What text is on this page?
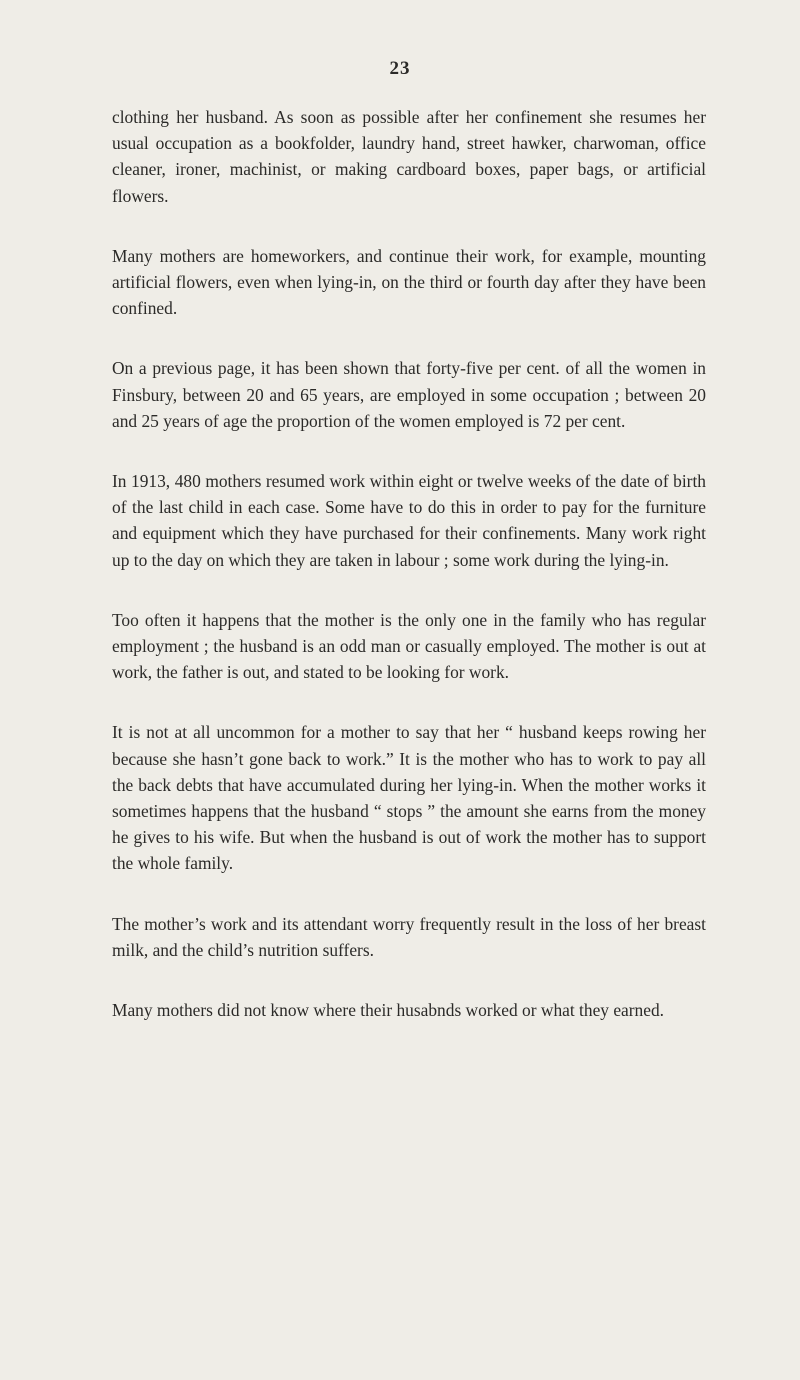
23

clothing her husband. As soon as possible after her confinement she resumes her usual occupation as a bookfolder, laundry hand, street hawker, charwoman, office cleaner, ironer, machinist, or making cardboard boxes, paper bags, or artificial flowers.

Many mothers are homeworkers, and continue their work, for example, mounting artificial flowers, even when lying-in, on the third or fourth day after they have been confined.

On a previous page, it has been shown that forty-five per cent. of all the women in Finsbury, between 20 and 65 years, are employed in some occupation ; between 20 and 25 years of age the proportion of the women employed is 72 per cent.

In 1913, 480 mothers resumed work within eight or twelve weeks of the date of birth of the last child in each case. Some have to do this in order to pay for the furniture and equipment which they have purchased for their confinements. Many work right up to the day on which they are taken in labour ; some work during the lying-in.

Too often it happens that the mother is the only one in the family who has regular employment ; the husband is an odd man or casually employed. The mother is out at work, the father is out, and stated to be looking for work.

It is not at all uncommon for a mother to say that her “ husband keeps rowing her because she hasn’t gone back to work.” It is the mother who has to work to pay all the back debts that have accumulated during her lying-in. When the mother works it sometimes happens that the husband “ stops ” the amount she earns from the money he gives to his wife. But when the husband is out of work the mother has to support the whole family.

The mother’s work and its attendant worry frequently result in the loss of her breast milk, and the child’s nutrition suffers.

Many mothers did not know where their husabnds worked or what they earned.
